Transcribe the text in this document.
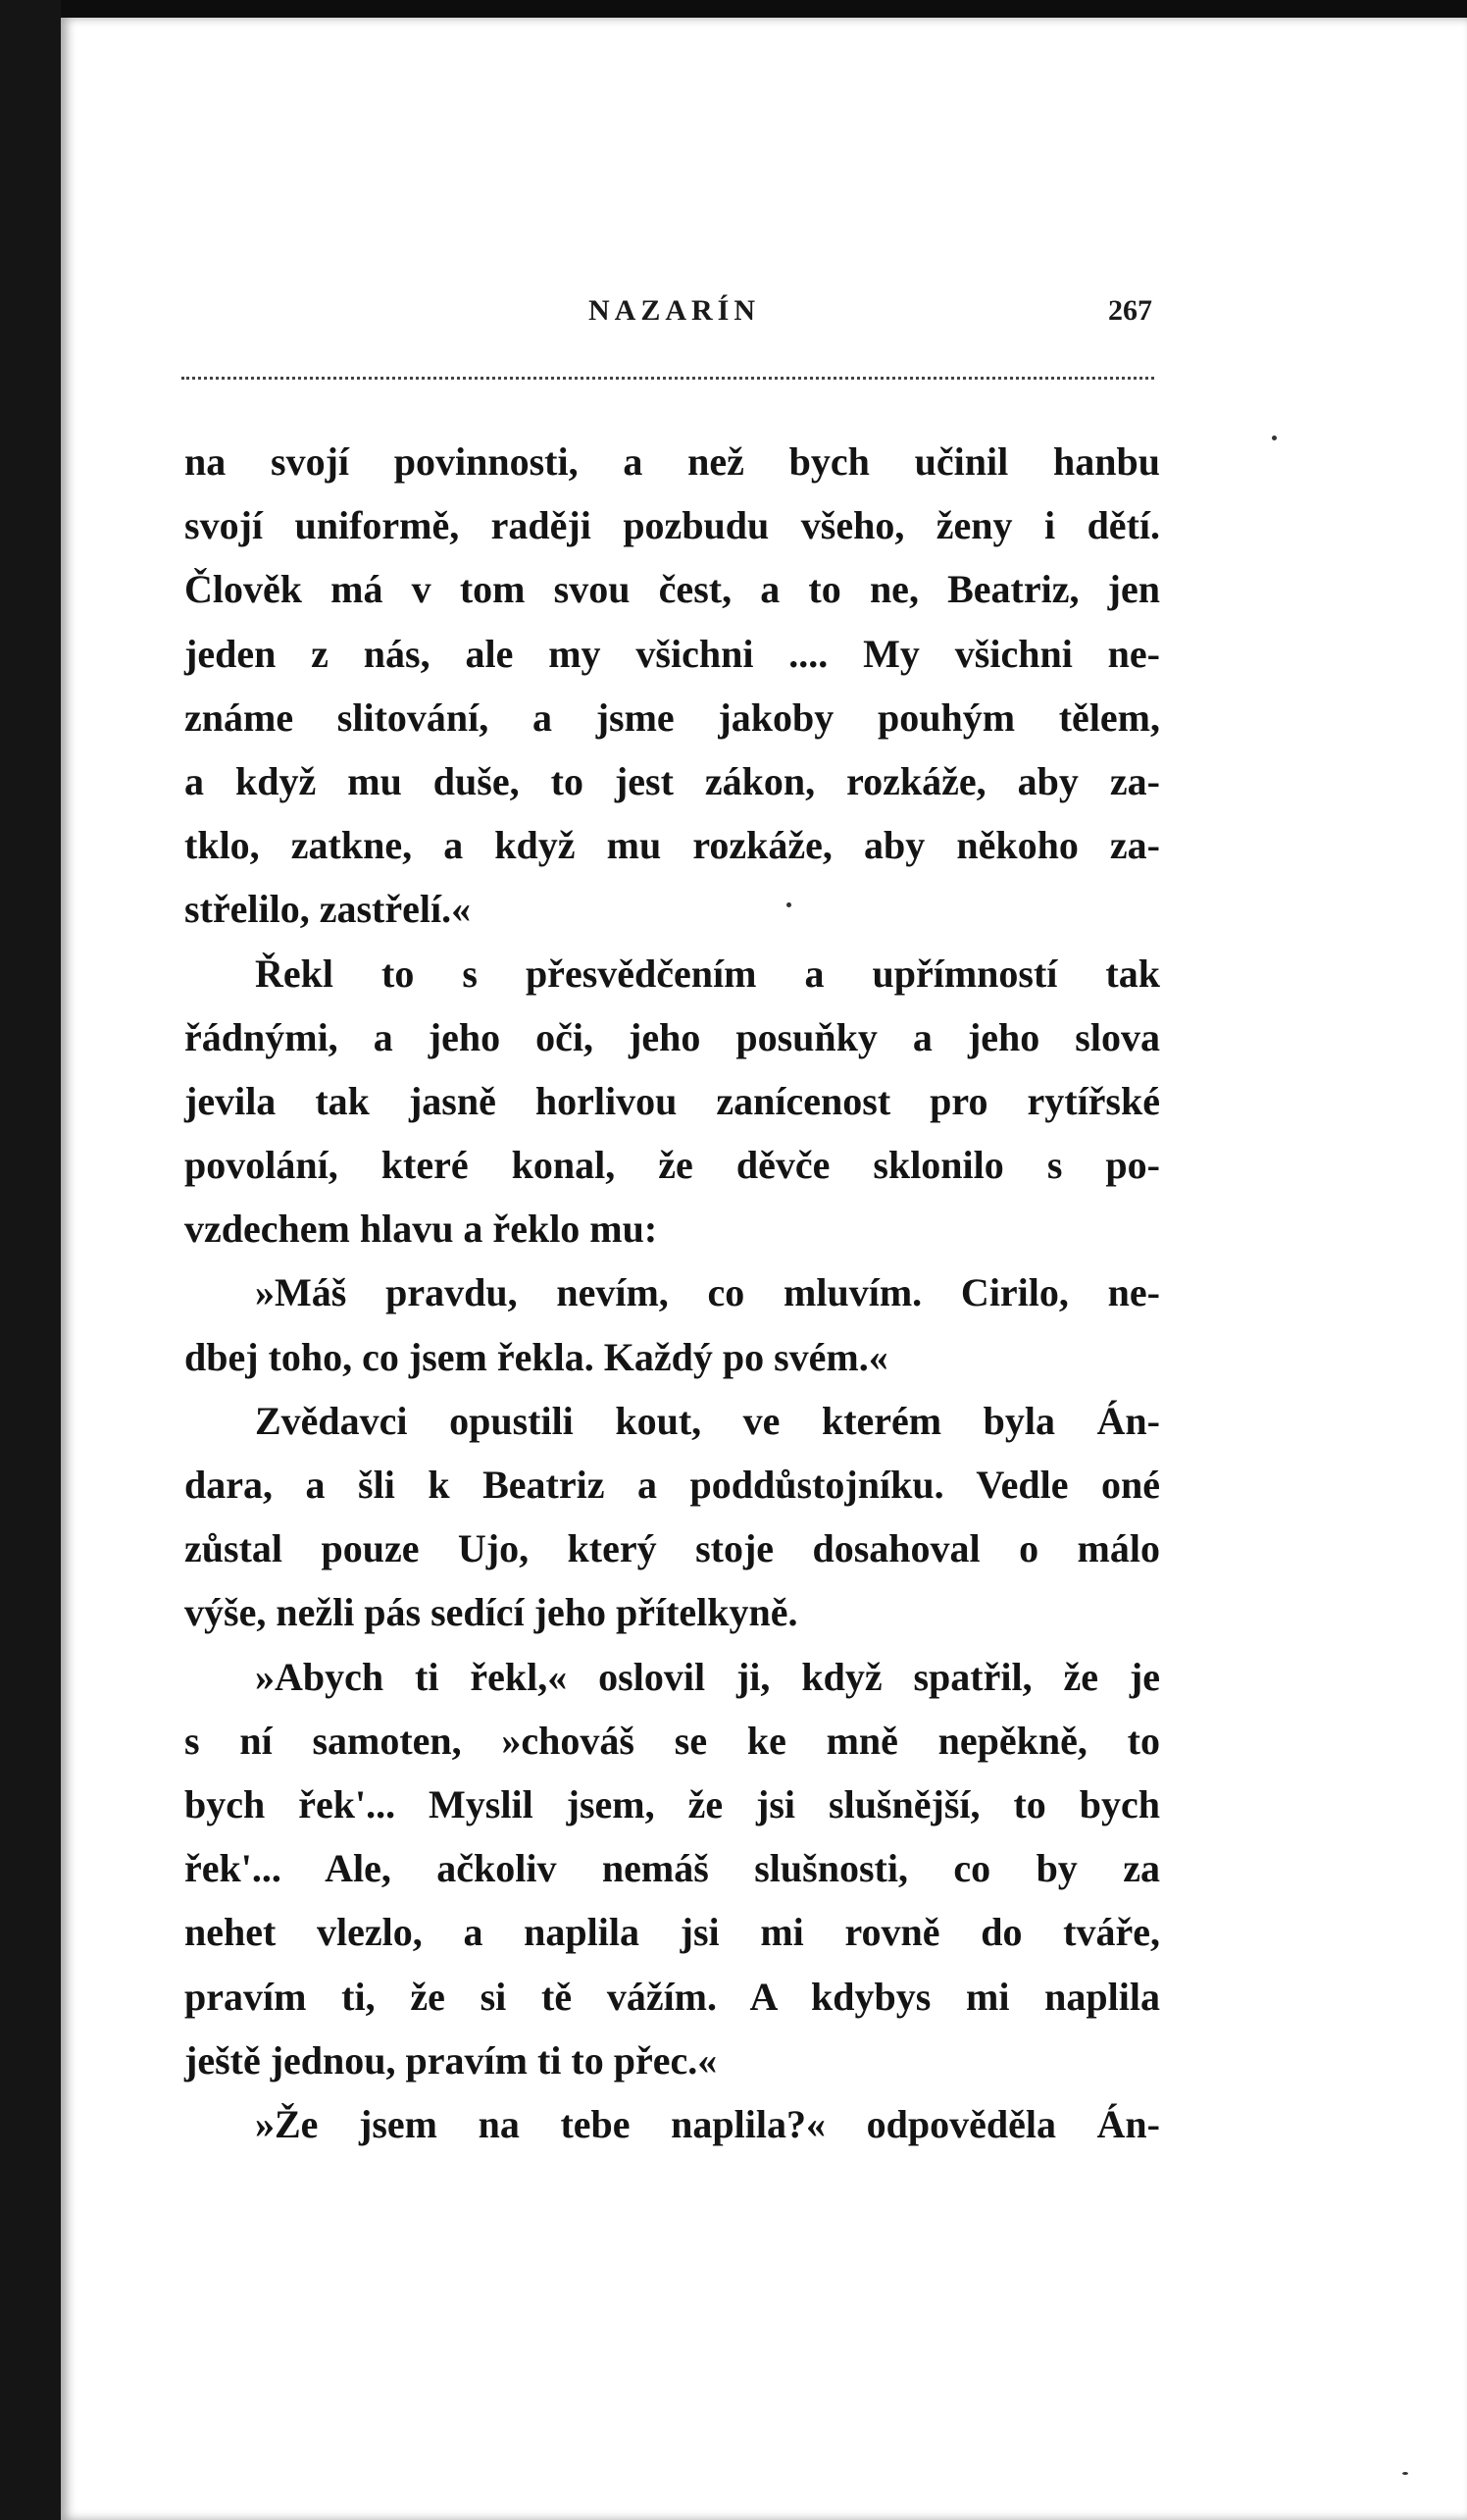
NAZARÍN	267
na svojí povinnosti, a než bych učinil hanbu
svojí uniformě, raději pozbudu všeho, ženy i dětí.
Člověk má v tom svou čest, a to ne, Beatriz, jen
jeden z nás, ale my všichni .... My všichni ne-
známe slitování, a jsme jakoby pouhým tělem,
a když mu duše, to jest zákon, rozkáže, aby za-
tklo, zatkne, a když mu rozkáže, aby někoho za-
střelilo, zastřelí.«
Řekl to s přesvědčením a upřímností tak
řádnými, a jeho oči, jeho posuňky a jeho slova
jevila tak jasně horlivou zanícenost pro rytířské
povolání, které konal, že děvče sklonilo s po-
vzdechem hlavu a řeklo mu:
»Máš pravdu, nevím, co mluvím. Cirilo, ne-
dbej toho, co jsem řekla. Každý po svém.«
Zvědavci opustili kout, ve kterém byla Án-
dara, a šli k Beatriz a poddůstojníku. Vedle oné
zůstal pouze Ujo, který stoje dosahoval o málo
výše, nežli pás sedící jeho přítelkyně.
»Abych ti řekl,« oslovil ji, když spatřil, že je
s ní samoten, »chováš se ke mně nepěkně, to
bych řek'... Myslil jsem, že jsi slušnější, to bych
řek'... Ale, ačkoliv nemáš slušnosti, co by za
nehet vlezlo, a naplila jsi mi rovně do tváře,
pravím ti, že si tě vážím. A kdybys mi naplila
ještě jednou, pravím ti to přec.«
»Že jsem na tebe naplila?« odpověděla Án-
